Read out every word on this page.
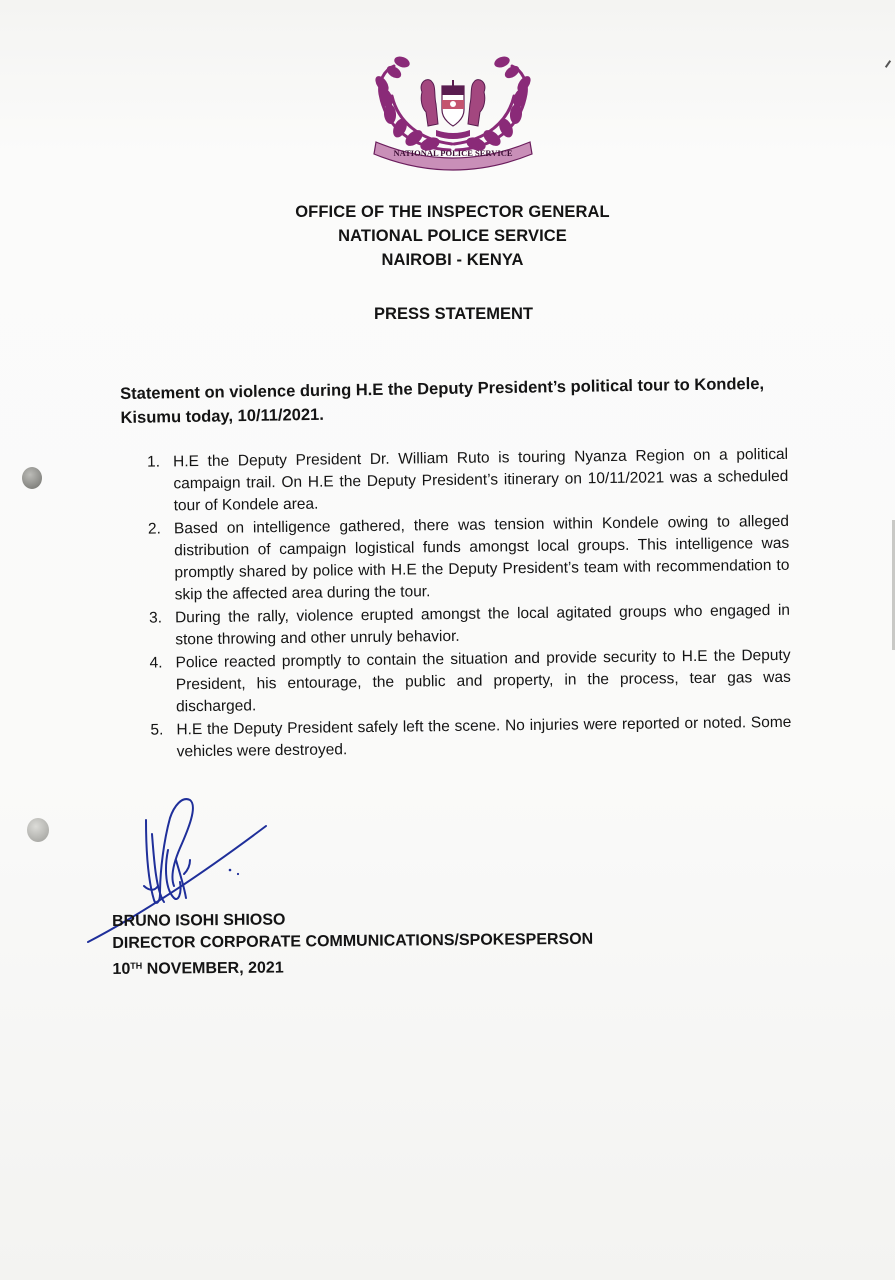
NATIONAL POLICE SERVICE
OFFICE OF THE INSPECTOR GENERAL
NATIONAL POLICE SERVICE
NAIROBI - KENYA
PRESS STATEMENT
Statement on violence during H.E the Deputy President’s political tour to Kondele, Kisumu today, 10/11/2021.
1. H.E the Deputy President Dr. William Ruto is touring Nyanza Region on a political campaign trail. On H.E the Deputy President’s itinerary on 10/11/2021 was a scheduled tour of Kondele area.
2. Based on intelligence gathered, there was tension within Kondele owing to alleged distribution of campaign logistical funds amongst local groups. This intelligence was promptly shared by police with H.E the Deputy President’s team with recommendation to skip the affected area during the tour.
3. During the rally, violence erupted amongst the local agitated groups who engaged in stone throwing and other unruly behavior.
4. Police reacted promptly to contain the situation and provide security to H.E the Deputy President, his entourage, the public and property, in the process, tear gas was discharged.
5. H.E the Deputy President safely left the scene. No injuries were reported or noted. Some vehicles were destroyed.
BRUNO ISOHI SHIOSO
DIRECTOR CORPORATE COMMUNICATIONS/SPOKESPERSON
10TH NOVEMBER, 2021
